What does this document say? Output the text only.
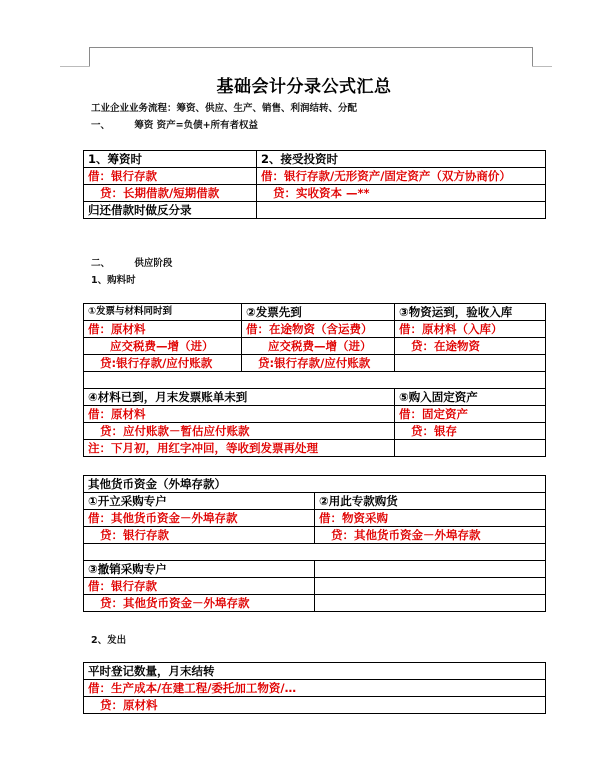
基础会计分录公式汇总
工业企业业务流程：筹资、供应、生产、销售、利润结转、分配
一、	筹资 资产=负债+所有者权益
1、筹资时	2、接受投资时
借：银行存款	借：银行存款/无形资产/固定资产（双方协商价）
贷：长期借款/短期借款	贷：实收资本 —**
归还借款时做反分录	
二、	供应阶段
1、购料时
①发票与材料同时到	②发票先到	③物资运到，验收入库
借：原材料	借：在途物资（含运费）	借：原材料（入库）
应交税费—增（进）	应交税费—增（进）	贷：在途物资
贷:银行存款/应付账款	贷:银行存款/应付账款	

④材料已到，月末发票账单未到		⑤购入固定资产
借：原材料		借：固定资产
贷：应付账款－暂估应付账款		贷：银存
注：下月初，用红字冲回，等收到发票再处理		
其他货币资金（外埠存款）	
①开立采购专户	②用此专款购货
借：其他货币资金－外埠存款	借：物资采购
贷：银行存款	贷：其他货币资金－外埠存款

③撤销采购专户	
借：银行存款	
贷：其他货币资金－外埠存款	
2、发出
平时登记数量，月末结转
借：生产成本/在建工程/委托加工物资/…
贷：原材料
